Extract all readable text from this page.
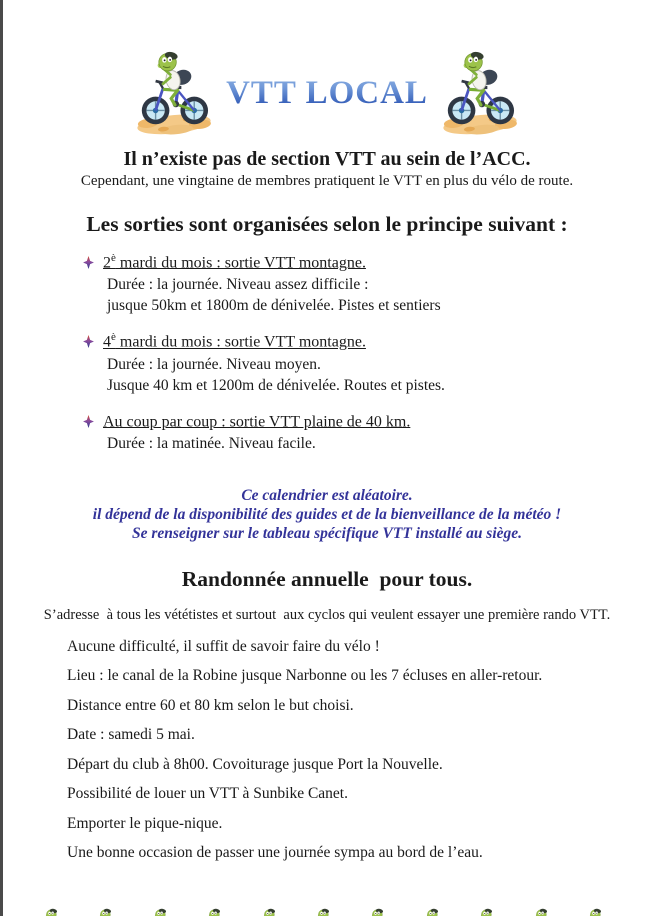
VTT LOCAL
Il n’existe pas de section VTT au sein de l’ACC.
Cependant, une vingtaine de membres pratiquent le VTT en plus du vélo de route.
Les sorties sont organisées selon le principe suivant :
$2^è$ mardi du mois : sortie VTT montagne.
Durée : la journée. Niveau assez difficile :
jusque 50km et 1800m de dénivelée. Pistes et sentiers
$4^è$ mardi du mois : sortie VTT montagne.
Durée : la journée. Niveau moyen.
Jusque 40 km et 1200m de dénivelée. Routes et pistes.
Au coup par coup : sortie VTT plaine de 40 km.
Durée : la matinée. Niveau facile.
Ce calendrier est aléatoire.
il dépend de la disponibilité des guides et de la bienveillance de la météo !
Se renseigner sur le tableau spécifique VTT installé au siège.
Randonnée annuelle  pour tous.
S’adresse  à tous les vététistes et surtout  aux cyclos qui veulent essayer une première rando VTT.
Aucune difficulté, il suffit de savoir faire du vélo !
Lieu : le canal de la Robine jusque Narbonne ou les 7 écluses en aller-retour.
Distance entre 60 et 80 km selon le but choisi.
Date : samedi 5 mai.
Départ du club à 8h00. Covoiturage jusque Port la Nouvelle.
Possibilité de louer un VTT à Sunbike Canet.
Emporter le pique-nique.
Une bonne occasion de passer une journée sympa au bord de l’eau.
